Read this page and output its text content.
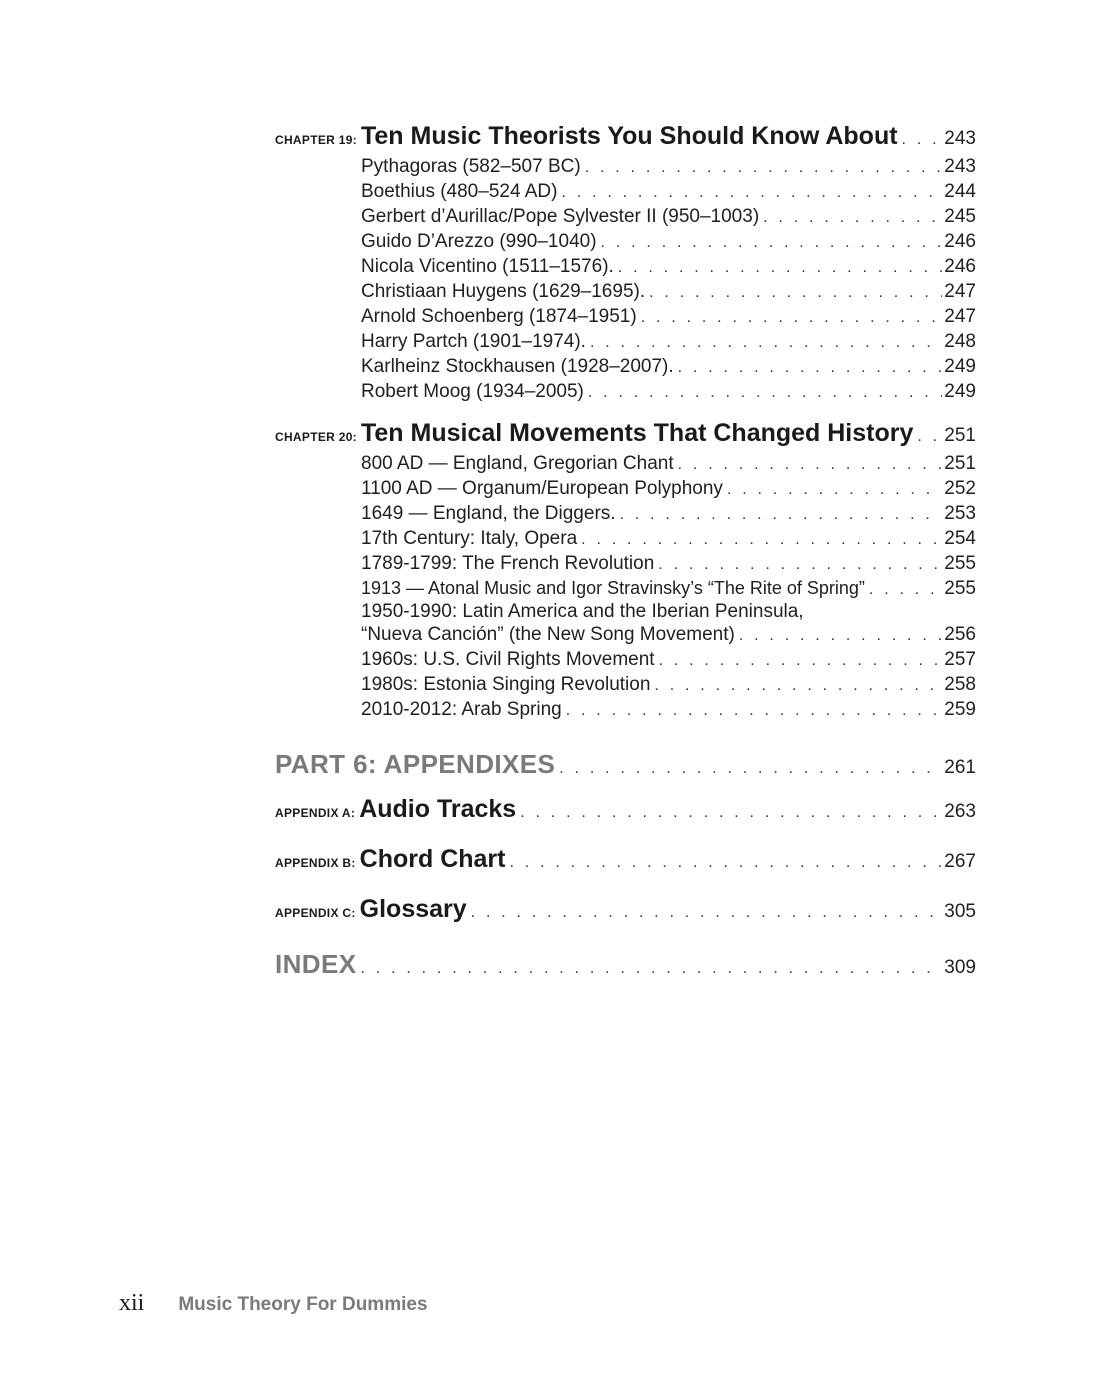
CHAPTER 19: Ten Music Theorists You Should Know About . . . 243
Pythagoras (582–507 BC) . . .	243
Boethius (480–524 AD) . . .	244
Gerbert d’Aurillac/Pope Sylvester II (950–1003) . . .	245
Guido D’Arezzo (990–1040) . . .	246
Nicola Vicentino (1511–1576). . . .	246
Christiaan Huygens (1629–1695). . . .	247
Arnold Schoenberg (1874–1951) . . .	247
Harry Partch (1901–1974). . . .	248
Karlheinz Stockhausen (1928–2007). . . .	249
Robert Moog (1934–2005) . . .	249
CHAPTER 20: Ten Musical Movements That Changed History . . . 251
800 AD — England, Gregorian Chant . . .	251
1100 AD — Organum/European Polyphony . . .	252
1649 — England, the Diggers. . . .	253
17th Century: Italy, Opera . . .	254
1789-1799: The French Revolution . . .	255
1913 — Atonal Music and Igor Stravinsky’s “The Rite of Spring” . . .	255
1950-1990: Latin America and the Iberian Peninsula,
“Nueva Canción” (the New Song Movement) . . .	256
1960s: U.S. Civil Rights Movement . . .	257
1980s: Estonia Singing Revolution . . .	258
2010-2012: Arab Spring . . .	259
PART 6: APPENDIXES . . .	261
APPENDIX A: Audio Tracks . . .	263
APPENDIX B: Chord Chart . . .	267
APPENDIX C: Glossary . . .	305
INDEX . . .	309
xii Music Theory For Dummies
